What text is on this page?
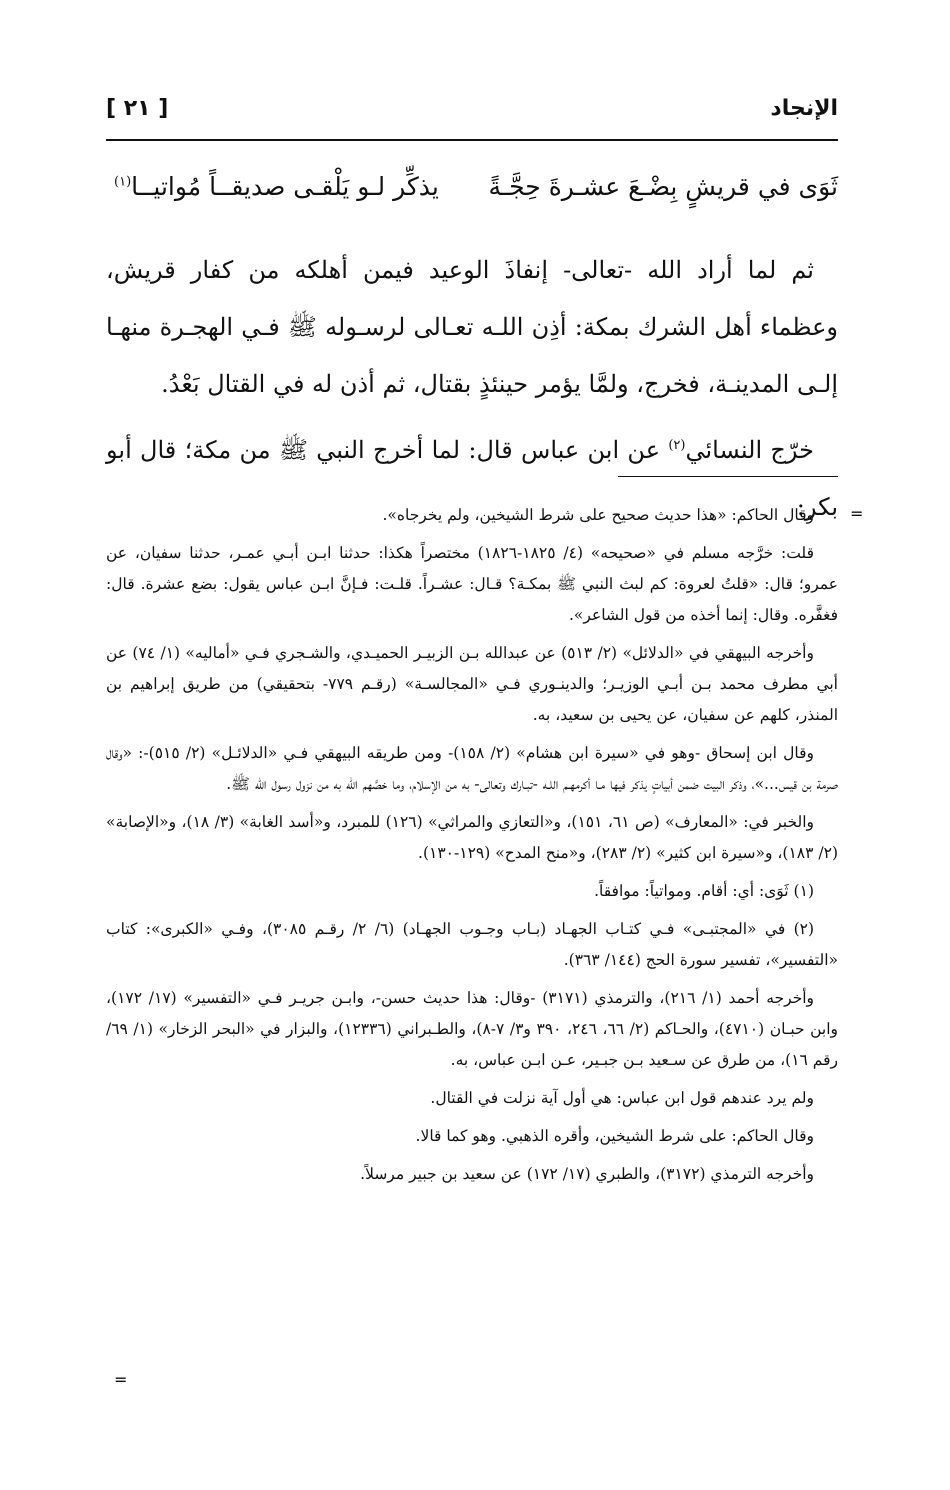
الإنجاد
[ ٢١ ]
ثَوَى في قريشٍ بِضْـعَ عشـرةَ حِجَّـةً
يذكِّر لـو يَلْقـى صديقــاً مُواتيــا$^{(١)}$

ثم لما أراد الله -تعالى- إنفاذَ الوعيد فيمن أهلكه من كفار قريش، وعظماء أهل الشرك بمكة: أذِن اللـه تعـالى لرسـوله ﷺ فـي الهجـرة منهـا إلـى المدينـة، فخرج، ولمَّا يؤمر حينئذٍ بقتال، ثم أذن له في القتال بَعْدُ.

خرّج النسائي$^{(٢)}$ عن ابن عباس قال: لما أخرج النبي ﷺ من مكة؛ قال أبو بكر: =

وقال الحاكم: «هذا حديث صحيح على شرط الشيخين، ولم يخرجاه».

قلت: خرَّجه مسلم في «صحيحه» (٤/ ١٨٢٥-١٨٢٦) مختصراً هكذا: حدثنا ابـن أبـي عمـر، حدثنا سفيان، عن عمرو؛ قال: «قلتُ لعروة: كم لبث النبي ﷺ بمكـة؟ قـال: عشـراً. قلـت: فـإنَّ ابـن عباس يقول: بضع عشرة. قال: فغفَّره. وقال: إنما أخذه من قول الشاعر».

وأخرجه البيهقي في «الدلائل» (٢/ ٥١٣) عن عبدالله بـن الزبيـر الحميـدي، والشـجري فـي «أماليه» (١/ ٧٤) عن أبي مطرف محمد بـن أبـي الوزيـر؛ والدينـوري فـي «المجالسـة» (رقـم ٧٧٩- بتحقيقي) من طريق إبراهيم بن المنذر، كلهم عن سفيان، عن يحيى بن سعيد، به.

وقال ابن إسحاق -وهو في «سيرة ابن هشام» (٢/ ١٥٨)- ومن طريقه البيهقي فـي «الدلائـل» (٢/ ٥١٥)-: «وقال صرمة بن قيس...»، وذكر البيت ضمن أبياتٍ يذكر فيها مـا أكرمهـم اللـه -تبـارك وتعالى- به من الإسلام، وما خصَّهم الله به من نزول رسول الله ﷺ.

والخبر في: «المعارف» (ص ٦١، ١٥١)، و«التعازي والمراثي» (١٢٦) للمبرد، و«أسد الغابة» (٣/ ١٨)، و«الإصابة» (٢/ ١٨٣)، و«سيرة ابن كثير» (٢/ ٢٨٣)، و«منح المدح» (١٢٩-١٣٠).

(١) ثَوَى: أي: أقام. ومواتياً: موافقاً.

(٢) في «المجتبـى» فـي كتـاب الجهـاد (بـاب وجـوب الجهـاد) (٦/ ٢/ رقـم ٣٠٨٥)، وفـي «الكبرى»: كتاب «التفسير»، تفسير سورة الحج (١٤٤/ ٣٦٣).

وأخرجه أحمد (١/ ٢١٦)، والترمذي (٣١٧١) -وقال: هذا حديث حسن-، وابـن جريـر فـي «التفسير» (١٧/ ١٧٢)، وابن حبـان (٤٧١٠)، والحـاكم (٢/ ٦٦، ٢٤٦، ٣٩٠ و٣/ ٧-٨)، والطـبراني (١٢٣٣٦)، والبزار في «البحر الزخار» (١/ ٦٩/ رقم ١٦)، من طرق عن سـعيد بـن جبـير، عـن ابـن عباس، به.

ولم يرد عندهم قول ابن عباس: هي أول آية نزلت في القتال.

وقال الحاكم: على شرط الشيخين، وأقره الذهبي. وهو كما قالا.

وأخرجه الترمذي (٣١٧٢)، والطبري (١٧/ ١٧٢) عن سعيد بن جبير مرسلاً.

=
